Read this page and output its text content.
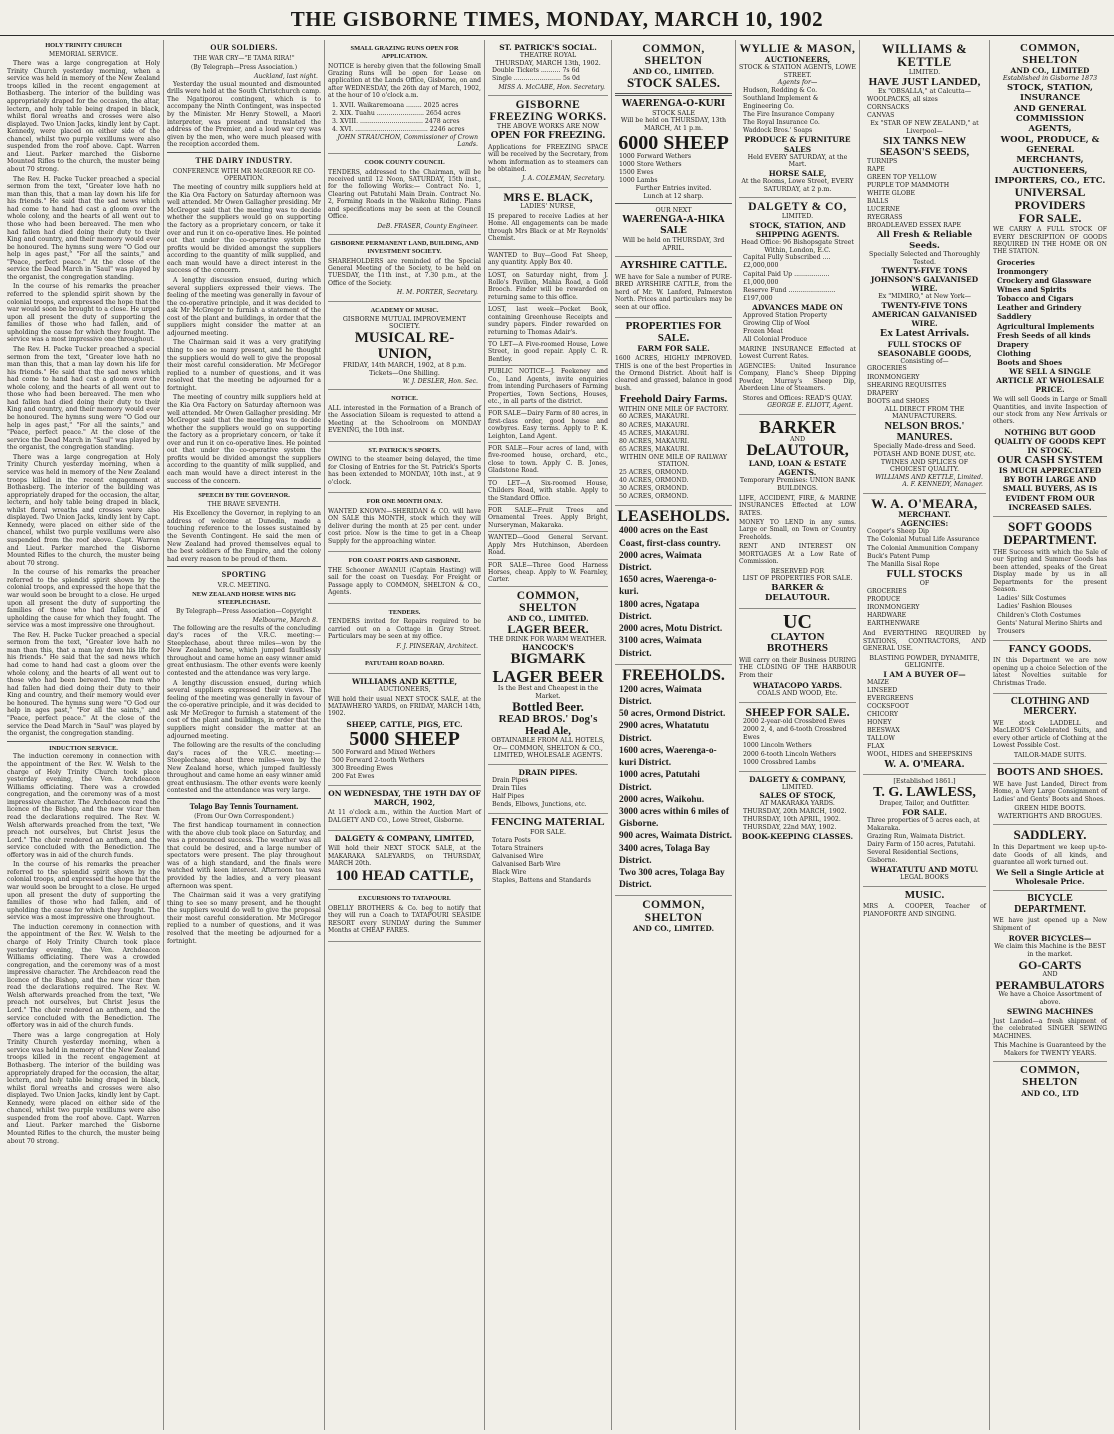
THE GISBORNE TIMES, MONDAY, MARCH 10, 1902
HOLY TRINITY CHURCH
MEMORIAL SERVICE.

There was a large congregation at Holy Trinity Church yesterday morning, when a service was held in memory of the New Zealand troops killed in the recent engagement at Bothasberg. The interior of the building was appropriately draped for the occasion, the altar, lectern, and holy table being draped in black, whilst floral wreaths and crosses were also displayed. Two Union Jacks, kindly lent by Capt. Kennedy, were placed on either side of the chancel, whilst two purple vexillums were also suspended from the roof above. Capt. Warren and Lieut. Parker marched the Gisborne Mounted Rifles to the church, the muster being about 70 strong.

The Rev. H. Packe Tucker preached a special sermon from the text, "Greater love hath no man than this, that a man lay down his life for his friends." He said that the sad news which had come to hand had cast a gloom over the whole colony, and the hearts of all went out to those who had been bereaved. The men who had fallen had died doing their duty to their King and country, and their memory would ever be honoured. The hymns sung were "O God our help in ages past," "For all the saints," and "Peace, perfect peace." At the close of the service the Dead March in "Saul" was played by the organist, the congregation standing.

In the course of his remarks the preacher referred to the splendid spirit shown by the colonial troops, and expressed the hope that the war would soon be brought to a close. He urged upon all present the duty of supporting the families of those who had fallen, and of upholding the cause for which they fought. The service was a most impressive one throughout.

The Rev. H. Packe Tucker preached a special sermon from the text, "Greater love hath no man than this, that a man lay down his life for his friends." He said that the sad news which had come to hand had cast a gloom over the whole colony, and the hearts of all went out to those who had been bereaved. The men who had fallen had died doing their duty to their King and country, and their memory would ever be honoured. The hymns sung were "O God our help in ages past," "For all the saints," and "Peace, perfect peace." At the close of the service the Dead March in "Saul" was played by the organist, the congregation standing.

There was a large congregation at Holy Trinity Church yesterday morning, when a service was held in memory of the New Zealand troops killed in the recent engagement at Bothasberg. The interior of the building was appropriately draped for the occasion, the altar, lectern, and holy table being draped in black, whilst floral wreaths and crosses were also displayed. Two Union Jacks, kindly lent by Capt. Kennedy, were placed on either side of the chancel, whilst two purple vexillums were also suspended from the roof above. Capt. Warren and Lieut. Parker marched the Gisborne Mounted Rifles to the church, the muster being about 70 strong.

In the course of his remarks the preacher referred to the splendid spirit shown by the colonial troops, and expressed the hope that the war would soon be brought to a close. He urged upon all present the duty of supporting the families of those who had fallen, and of upholding the cause for which they fought. The service was a most impressive one throughout.

The Rev. H. Packe Tucker preached a special sermon from the text, "Greater love hath no man than this, that a man lay down his life for his friends." He said that the sad news which had come to hand had cast a gloom over the whole colony, and the hearts of all went out to those who had been bereaved. The men who had fallen had died doing their duty to their King and country, and their memory would ever be honoured. The hymns sung were "O God our help in ages past," "For all the saints," and "Peace, perfect peace." At the close of the service the Dead March in "Saul" was played by the organist, the congregation standing.

INDUCTION SERVICE.

The induction ceremony in connection with the appointment of the Rev. W. Welsh to the charge of Holy Trinity Church took place yesterday evening, the Ven. Archdeacon Williams officiating. There was a crowded congregation, and the ceremony was of a most impressive character. The Archdeacon read the licence of the Bishop, and the new vicar then read the declarations required. The Rev. W. Welsh afterwards preached from the text, "We preach not ourselves, but Christ Jesus the Lord." The choir rendered an anthem, and the service concluded with the Benediction. The offertory was in aid of the church funds.

In the course of his remarks the preacher referred to the splendid spirit shown by the colonial troops, and expressed the hope that the war would soon be brought to a close. He urged upon all present the duty of supporting the families of those who had fallen, and of upholding the cause for which they fought. The service was a most impressive one throughout.

The induction ceremony in connection with the appointment of the Rev. W. Welsh to the charge of Holy Trinity Church took place yesterday evening, the Ven. Archdeacon Williams officiating. There was a crowded congregation, and the ceremony was of a most impressive character. The Archdeacon read the licence of the Bishop, and the new vicar then read the declarations required. The Rev. W. Welsh afterwards preached from the text, "We preach not ourselves, but Christ Jesus the Lord." The choir rendered an anthem, and the service concluded with the Benediction. The offertory was in aid of the church funds.

There was a large congregation at Holy Trinity Church yesterday morning, when a service was held in memory of the New Zealand troops killed in the recent engagement at Bothasberg. The interior of the building was appropriately draped for the occasion, the altar, lectern, and holy table being draped in black, whilst floral wreaths and crosses were also displayed. Two Union Jacks, kindly lent by Capt. Kennedy, were placed on either side of the chancel, whilst two purple vexillums were also suspended from the roof above. Capt. Warren and Lieut. Parker marched the Gisborne Mounted Rifles to the church, the muster being about 70 strong.

OUR SOLDIERS.
THE WAR CRY—"E TAMA RIRA!"
(By Telegraph—Press Association.)
Auckland, last night.

Yesterday the usual mounted and dismounted drills were held at the South Christchurch camp. The Ngatiporou contingent, which is to accompany the Ninth Contingent, was inspected by the Minister. Mr Henry Stowell, a Maori interpreter, was present and translated the address of the Premier, and a loud war cry was given by the men, who were much pleased with the reception accorded them.

THE DAIRY INDUSTRY.
CONFERENCE WITH MR McGREGOR RE CO-OPERATION.

The meeting of country milk suppliers held at the Kia Ora Factory on Saturday afternoon was well attended. Mr Owen Gallagher presiding. Mr McGregor said that the meeting was to decide whether the suppliers would go on supporting the factory as a proprietary concern, or take it over and run it on co-operative lines. He pointed out that under the co-operative system the profits would be divided amongst the suppliers according to the quantity of milk supplied, and each man would have a direct interest in the success of the concern.

A lengthy discussion ensued, during which several suppliers expressed their views. The feeling of the meeting was generally in favour of the co-operative principle, and it was decided to ask Mr McGregor to furnish a statement of the cost of the plant and buildings, in order that the suppliers might consider the matter at an adjourned meeting.

The Chairman said it was a very gratifying thing to see so many present, and he thought the suppliers would do well to give the proposal their most careful consideration. Mr McGregor replied to a number of questions, and it was resolved that the meeting be adjourned for a fortnight.

The meeting of country milk suppliers held at the Kia Ora Factory on Saturday afternoon was well attended. Mr Owen Gallagher presiding. Mr McGregor said that the meeting was to decide whether the suppliers would go on supporting the factory as a proprietary concern, or take it over and run it on co-operative lines. He pointed out that under the co-operative system the profits would be divided amongst the suppliers according to the quantity of milk supplied, and each man would have a direct interest in the success of the concern.

SPEECH BY THE GOVERNOR.
THE BRAVE SEVENTH.

His Excellency the Governor, in replying to an address of welcome at Dunedin, made a touching reference to the losses sustained by the Seventh Contingent. He said the men of New Zealand had proved themselves equal to the best soldiers of the Empire, and the colony had every reason to be proud of them.

SPORTING
V.R.C. MEETING.
NEW ZEALAND HORSE WINS BIG STEEPLECHASE.
By Telegraph—Press Association—Copyright
Melbourne, March 8.

The following are the results of the concluding day's races of the V.R.C. meeting:— Steeplechase, about three miles—won by the New Zealand horse, which jumped faultlessly throughout and came home an easy winner amid great enthusiasm. The other events were keenly contested and the attendance was very large.

A lengthy discussion ensued, during which several suppliers expressed their views. The feeling of the meeting was generally in favour of the co-operative principle, and it was decided to ask Mr McGregor to furnish a statement of the cost of the plant and buildings, in order that the suppliers might consider the matter at an adjourned meeting.

The following are the results of the concluding day's races of the V.R.C. meeting:— Steeplechase, about three miles—won by the New Zealand horse, which jumped faultlessly throughout and came home an easy winner amid great enthusiasm. The other events were keenly contested and the attendance was very large.

Tolago Bay Tennis Tournament.
(From Our Own Correspondent.)

The first handicap tournament in connection with the above club took place on Saturday, and was a pronounced success. The weather was all that could be desired, and a large number of spectators were present. The play throughout was of a high standard, and the finals were watched with keen interest. Afternoon tea was provided by the ladies, and a very pleasant afternoon was spent.

The Chairman said it was a very gratifying thing to see so many present, and he thought the suppliers would do well to give the proposal their most careful consideration. Mr McGregor replied to a number of questions, and it was resolved that the meeting be adjourned for a fortnight.

SMALL GRAZING RUNS OPEN FOR APPLICATION.
NOTICE is hereby given that the following Small Grazing Runs will be open for Lease on application at the Lands Office, Gisborne, on and after WEDNESDAY, the 26th day of March, 1902, at the hour of 10 o'clock a.m.
1. XVII. Waikaremoana ........ 2025 acres
2. XIX. Tuahu ........................ 2654 acres
3. XVIII. ................................ 2478 acres
4. XVI. ..................................... 2246 acres
JOHN STRAUCHON, Commissioner of Crown Lands.
COOK COUNTY COUNCIL
TENDERS, addressed to the Chairman, will be received until 12 Noon, SATURDAY, 15th inst., for the following Works:— Contract No. 1, Clearing out Patutahi Main Drain. Contract No. 2, Forming Roads in the Waikohu Riding. Plans and specifications may be seen at the Council Office.
DeB. FRASER, County Engineer.
GISBORNE PERMANENT LAND, BUILDING, AND INVESTMENT SOCIETY.
SHAREHOLDERS are reminded of the Special General Meeting of the Society, to be held on TUESDAY, the 11th inst., at 7.30 p.m., at the Office of the Society.
H. M. PORTER, Secretary.
ACADEMY OF MUSIC.
GISBORNE MUTUAL IMPROVEMENT SOCIETY.
MUSICAL RE-UNION,
FRIDAY, 14th MARCH, 1902, at 8 p.m.
Tickets—One Shilling.
W. J. DESLER, Hon. Sec.
NOTICE.
ALL interested in the Formation of a Branch of the Association Siloam is requested to attend a Meeting at the Schoolroom on MONDAY EVENING, the 10th inst.
ST. PATRICK'S SPORTS.
OWING to the steamer being delayed, the time for Closing of Entries for the St. Patrick's Sports has been extended to MONDAY, 10th inst., at 9 o'clock.
FOR ONE MONTH ONLY.
WANTED KNOWN—SHERIDAN & CO. will have ON SALE this MONTH, stock which they will deliver during the month at 25 per cent. under cost price. Now is the time to get in a Cheap Supply for the approaching winter.
FOR COAST PORTS AND GISBORNE.
THE Schooner AWANUI (Captain Hasting) will sail for the coast on Tuesday. For Freight or Passage apply to COMMON, SHELTON & CO., Agents.
TENDERS.
TENDERS invited for Repairs required to be carried out on a Cottage in Gray Street. Particulars may be seen at my office.
F. J. PINSERAN, Architect.
PATUTAHI ROAD BOARD.
WILLIAMS AND KETTLE,
AUCTIONEERS,
Will hold their usual NEXT STOCK SALE, at the MATAWHERO YARDS, on FRIDAY, MARCH 14th, 1902.
SHEEP, CATTLE, PIGS, ETC.
5000 SHEEP
500 Forward and Mixed Wethers
500 Forward 2-tooth Wethers
300 Breeding Ewes
200 Fat Ewes
ON WEDNESDAY, THE 19TH DAY OF MARCH, 1902,
At 11 o'clock a.m., within the Auction Mart of DALGETY AND CO., Lowe Street, Gisborne.
DALGETY & COMPANY, LIMITED,
Will hold their NEXT STOCK SALE, at the MAKARAKA SALEYARDS, on THURSDAY, MARCH 20th.
100 HEAD CATTLE,
EXCURSIONS TO TATAPOURI.
OBELLY BROTHERS & Co. beg to notify that they will run a Coach to TATAPOURI SEASIDE RESORT every SUNDAY during the Summer Months at CHEAP FARES.
ST. PATRICK'S SOCIAL.
THEATRE ROYAL
THURSDAY, MARCH 13th, 1902.
Double Tickets .......... 7s 6d
Single ........................ 5s 0d
MISS A. McCABE, Hon. Secretary.
GISBORNE FREEZING WORKS.
THE ABOVE WORKS ARE NOW
OPEN FOR FREEZING.
Applications for FREEZING SPACE will be received by the Secretary, from whom information as to steamers can be obtained.
J. A. COLEMAN, Secretary.
MRS E. BLACK,
LADIES' NURSE,
IS prepared to receive Ladies at her Home. All engagements can be made through Mrs Black or at Mr Reynolds' Chemist.
WANTED to Buy—Good Fat Sheep, any quantity. Apply Box 40.
LOST, on Saturday night, from J. Rollo's Pavilion, Mahia Road, a Gold Brooch. Finder will be rewarded on returning same to this office.
LOST, last week—Pocket Book, containing Greenhouse Receipts and sundry papers. Finder rewarded on returning to Thomas Adair's.
TO LET—A Five-roomed House, Lowe Street, in good repair. Apply C. R. Bentley.
PUBLIC NOTICE—J. Feekeney and Co., Land Agents, invite enquiries from intending Purchasers of Farming Properties, Town Sections, Houses, etc., in all parts of the district.
FOR SALE—Dairy Farm of 80 acres, in first-class order, good house and cowbyres. Easy terms. Apply to P. K. Leighton, Land Agent.
FOR SALE—Four acres of land, with five-roomed house, orchard, etc., close to town. Apply C. B. Jones, Gladstone Road.
TO LET—A Six-roomed House, Childers Road, with stable. Apply to the Standard Office.
FOR SALE—Fruit Trees and Ornamental Trees. Apply Bright, Nurseryman, Makaraka.
WANTED—Good General Servant. Apply Mrs Hutchinson, Aberdeen Road.
FOR SALE—Three Good Harness Horses, cheap. Apply to W. Fearnley, Carter.
COMMON, SHELTON
AND CO., LIMITED.
LAGER BEER.
THE DRINK FOR WARM WEATHER.
HANCOCK'S
BIGMARK
LAGER BEER
Is the Best and Cheapest in the Market.
Bottled Beer.
READ BROS.' Dog's Head Ale,
OBTAINABLE FROM ALL HOTELS, Or— COMMON, SHELTON & CO., LIMITED, WHOLESALE AGENTS.
DRAIN PIPES.
Drain Pipes
Drain Tiles
Half Pipes
Bends, Elbows, Junctions, etc.
FENCING MATERIAL
FOR SALE.
Totara Posts
Totara Strainers
Galvanised Wire
Galvanised Barb Wire
Black Wire
Staples, Battens and Standards
COMMON, SHELTON
AND CO., LIMITED.
STOCK SALES.
WAERENGA-O-KURI
STOCK SALE
Will be held on THURSDAY, 13th MARCH, At 1 p.m.
6000 SHEEP
1000 Forward Wethers
1000 Store Wethers
1500 Ewes
1000 Lambs
Further Entries invited.
Lunch at 12 sharp.
OUR NEXT
WAERENGA-A-HIKA SALE
Will be held on THURSDAY, 3rd APRIL.
AYRSHIRE CATTLE.
WE have for Sale a number of PURE-BRED AYRSHIRE CATTLE, from the herd of Mr. W. Lanford, Palmerston North. Prices and particulars may be seen at our office.
PROPERTIES FOR SALE.
FARM FOR SALE.
1600 ACRES, HIGHLY IMPROVED. THIS is one of the best Properties in the Ormond District. About half is cleared and grassed, balance in good bush.
Freehold Dairy Farms.
WITHIN ONE MILE OF FACTORY.
60 ACRES, MAKAURI.
80 ACRES, MAKAURI.
45 ACRES, MAKAURI.
80 ACRES, MAKAURI.
65 ACRES, MAKAURI.
WITHIN ONE MILE OF RAILWAY STATION.
25 ACRES, ORMOND.
40 ACRES, ORMOND.
30 ACRES, ORMOND.
50 ACRES, ORMOND.
LEASEHOLDS.
4000 acres on the East Coast, first-class country.
2000 acres, Waimata District.
1650 acres, Waerenga-o-kuri.
1800 acres, Ngatapa District.
2000 acres, Motu District.
3100 acres, Waimata District.
FREEHOLDS.
1200 acres, Waimata District.
50 acres, Ormond District.
2900 acres, Whatatutu District.
1600 acres, Waerenga-o-kuri District.
1000 acres, Patutahi District.
2000 acres, Waikohu.
3000 acres within 6 miles of Gisborne.
900 acres, Waimata District.
3400 acres, Tolaga Bay District.
Two 300 acres, Tolaga Bay District.
COMMON, SHELTON
AND CO., LIMITED.
WYLLIE & MASON,
AUCTIONEERS,
STOCK & STATION AGENTS, LOWE STREET.
Agents for—
Hudson, Redding & Co.
Southland Implement & Engineering Co.
The Fire Insurance Company
The Royal Insurance Co.
Waddock Bros.' Soaps
PRODUCE & FURNITURE SALES
Held EVERY SATURDAY, at the Mart.
HORSE SALE,
At the Rooms, Lowe Street, EVERY SATURDAY, at 2 p.m.
DALGETY & CO,
LIMITED.
STOCK, STATION, AND SHIPPING AGENTS.
Head Office: 96 Bishopsgate Street Within, London, E.C.
Capital Fully Subscribed .... £2,000,000
Capital Paid Up .................. £1,000,000
Reserve Fund ........................ £197,000
ADVANCES MADE ON
Approved Station Property
Growing Clip of Wool
Frozen Meat
All Colonial Produce
MARINE INSURANCE Effected at Lowest Current Rates.
AGENCIES: United Insurance Company, Flanc's Sheep Dipping Powder, Murray's Sheep Dip, Aberdeen Line of Steamers.
Stores and Offices: READ'S QUAY.
GEORGE E. ELIOTT, Agent.
BARKER
AND
DeLAUTOUR,
LAND, LOAN & ESTATE AGENTS.
Temporary Premises: UNION BANK BUILDINGS.
LIFE, ACCIDENT, FIRE, & MARINE INSURANCES Effected at LOW RATES.
MONEY TO LEND in any sums. Large or Small, on Town or Country Freeholds.
RENT AND INTEREST ON MORTGAGES At a Low Rate of Commission.
RESERVED FOR
LIST OF PROPERTIES FOR SALE.
BARKER & DELAUTOUR.
UC
CLAYTON BROTHERS
Will carry on their Business DURING THE CLOSING OF THE HARBOUR From their
WHATACOPO YARDS.
COALS AND WOOD, Etc.
SHEEP FOR SALE.
2000 2-year-old Crossbred Ewes
2000 2, 4, and 6-tooth Crossbred Ewes
1000 Lincoln Wethers
2000 6-tooth Lincoln Wethers
1000 Crossbred Lambs
DALGETY & COMPANY,
LIMITED.
SALES OF STOCK,
AT MAKARAKA YARDS.
THURSDAY, 20th MARCH, 1902.
THURSDAY, 10th APRIL, 1902.
THURSDAY, 22nd MAY, 1902.
BOOK-KEEPING CLASSES.
WILLIAMS & KETTLE
LIMITED.
HAVE JUST LANDED,
Ex "OBSALLA," at Calcutta—
WOOLPACKS, all sizes
CORNSACKS
CANVAS
Ex "STAR OF NEW ZEALAND," at Liverpool—
SIX TANKS NEW SEASON'S SEEDS,
TURNIPS
RAPE
GREEN TOP YELLOW
PURPLE TOP MAMMOTH
WHITE GLOBE
BALLS
LUCERNE
RYEGRASS
BROADLEAVED ESSEX RAPE
All Fresh & Reliable Seeds.
Specially Selected and Thoroughly Tested.
TWENTY-FIVE TONS JOHNSON'S GALVANISED WIRE.
Ex "MIMIRO," at New York—
TWENTY-FIVE TONS AMERICAN GALVANISED WIRE.
Ex Latest Arrivals.
FULL STOCKS OF SEASONABLE GOODS,
Consisting of—
GROCERIES
IRONMONGERY
SHEARING REQUISITES
DRAPERY
BOOTS and SHOES
ALL DIRECT FROM THE MANUFACTURERS.
NELSON BROS.' MANURES.
Specially Made-dress and Seed.
POTASH AND BONE DUST, etc.
TWINES AND SPLICES OF CHOICEST QUALITY.
WILLIAMS AND KETTLE, Limited.
A. F. KENNEDY, Manager.
W. A. O'MEARA,
MERCHANT.
AGENCIES:
Cooper's Sheep Dip
The Colonial Mutual Life Assurance
The Colonial Ammunition Company
Buck's Patent Pump
The Manilla Sisal Rope
FULL STOCKS
OF
GROCERIES
PRODUCE
IRONMONGERY
HARDWARE
EARTHENWARE
And EVERYTHING REQUIRED by STATIONS, CONTRACTORS, AND GENERAL USE.
BLASTING POWDER, DYNAMITE, GELIGNITE.
I AM A BUYER OF—
MAIZE
LINSEED
EVERGREENS
COCKSFOOT
CHICORY
HONEY
BEESWAX
TALLOW
FLAX
WOOL, HIDES and SHEEPSKINS
W. A. O'MEARA.
[Established 1861.]
T. G. LAWLESS,
Draper, Tailor, and Outfitter.
FOR SALE.
Three properties of 5 acres each, at Makaraka.
Grazing Run, Waimata District.
Dairy Farm of 150 acres, Patutahi.
Several Residential Sections, Gisborne.
WHATATUTU AND MOTU.
LEGAL BOOKS
MUSIC.
MRS A. COOPER, Teacher of PIANOFORTE AND SINGING.
COMMON, SHELTON
AND CO., LIMITED
Established in Gisborne 1873
STOCK, STATION, INSURANCE
AND GENERAL COMMISSION AGENTS,
WOOL, PRODUCE, & GENERAL MERCHANTS,
AUCTIONEERS, IMPORTERS, CO., ETC.
UNIVERSAL PROVIDERS
FOR SALE.
WE CARRY A FULL STOCK OF EVERY DESCRIPTION OF GOODS REQUIRED IN THE HOME OR ON THE STATION.
Groceries
Ironmongery
Crockery and Glassware
Wines and Spirits
Tobacco and Cigars
Leather and Grindery
Saddlery
Agricultural Implements
Fresh Seeds of all kinds
Drapery
Clothing
Boots and Shoes
WE SELL A SINGLE ARTICLE AT WHOLESALE PRICE.
We will sell Goods in Large or Small Quantities, and invite Inspection of our stock from any New Arrivals or others.
NOTHING BUT GOOD QUALITY OF GOODS KEPT IN STOCK.
OUR CASH SYSTEM
IS MUCH APPRECIATED BY BOTH LARGE AND SMALL BUYERS, AS IS EVIDENT FROM OUR INCREASED SALES.
SOFT GOODS DEPARTMENT.
THE Success with which the Sale of our Spring and Summer Goods has been attended, speaks of the Great Display made by us in all Departments for the present Season.
Ladies' Silk Costumes
Ladies' Fashion Blouses
Children's Cloth Costumes
Gents' Natural Merino Shirts and Trousers
FANCY GOODS.
IN this Department we are now opening up a choice Selection of the latest Novelties suitable for Christmas Trade.
CLOTHING AND MERCERY.
WE stock LADDELL and MacLEOD'S Celebrated Suits, and every other article of Clothing at the Lowest Possible Cost.
TAILOR-MADE SUITS.
BOOTS AND SHOES.
WE have Just Landed, Direct from Home, a Very Large Consignment of Ladies' and Gents' Boots and Shoes.
GREEN HIDE BOOTS.
WATERTIGHTS AND BROGUES.
SADDLERY.
In this Department we keep up-to-date Goods of all kinds, and guarantee all work turned out.
We Sell a Single Article at Wholesale Price.
BICYCLE DEPARTMENT.
WE have just opened up a New Shipment of
ROVER BICYCLES—
We claim this Machine is the BEST in the market.
GO-CARTS
AND
PERAMBULATORS
We have a Choice Assortment of above.
SEWING MACHINES
Just Landed—a fresh shipment of the celebrated SINGER SEWING MACHINES.
This Machine is Guaranteed by the Makers for TWENTY YEARS.
COMMON, SHELTON
AND CO., LTD
